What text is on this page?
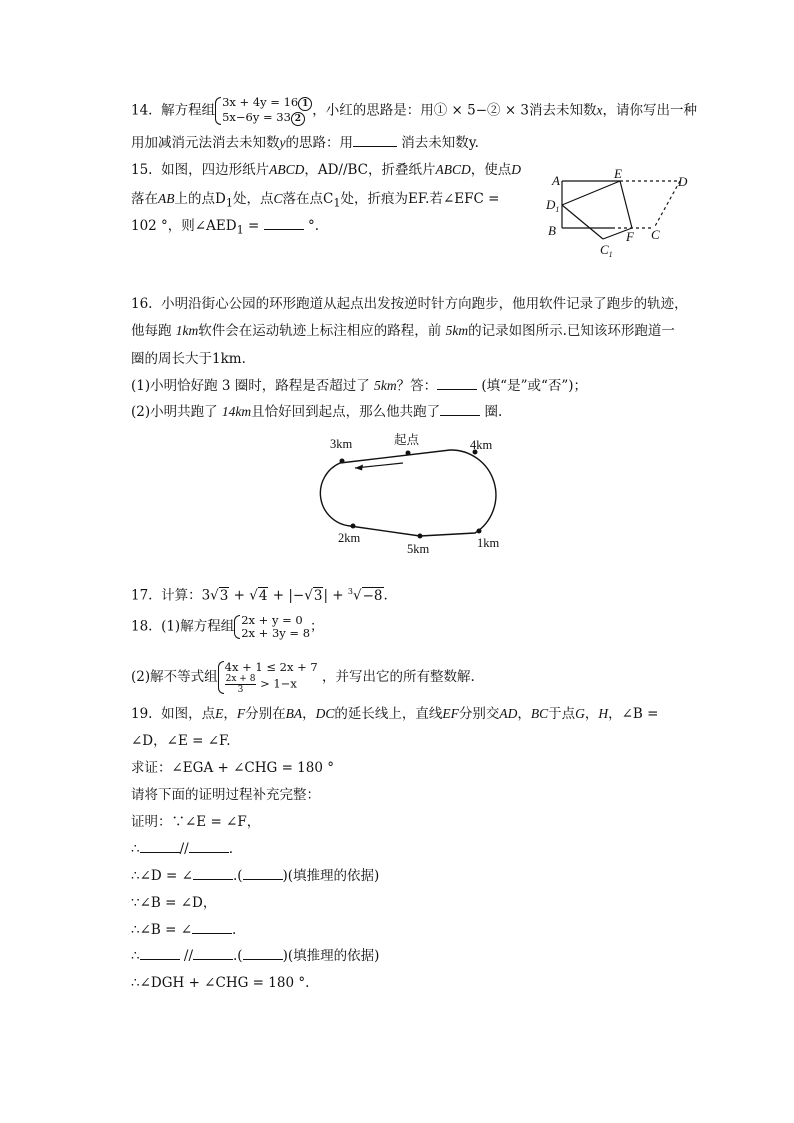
14. 解方程组
3x + 4y = 16 1
5x−6y = 33 2
，小红的思路是：用① × 5−② × 3消去未知数x，请你写出一种
用加减消元法消去未知数y的思路：用	消去未知数y.
15. 如图，四边形纸片ABCD，AD//BC，折叠纸片ABCD，使点D
落在AB上的点$D_1$处，点C落在点$C_1$处，折痕为EF.若∠EFC =
102 °，则$\angle AED_1$ =	°.
A	E
D
$D_1$
B	F C
$C_1$
16. 小明沿街心公园的环形跑道从起点出发按逆时针方向跑步，他用软件记录了跑步的轨迹，
他每跑 1km软件会在运动轨迹上标注相应的路程，前 5km的记录如图所示.已知该环形跑道一
圈的周长大于1km.
(1)小明恰好跑 3 圈时，路程是否超过了 5km？答：	(填“是”或“否”)；
(2)小明共跑了 14km且恰好回到起点，那么他共跑了	圈.
3km	起点	4km
1km
5km
2km
17. 计算：3√3 + √4 + |−√3| + $^3$√−8.
18. (1)解方程组 2x + y = 0
2x + 3y = 8 ；
(2)解不等式组
4x + 1 ≤ 2x + 7
$\frac{2x + 8}{3} > 1-x$	，并写出它的所有整数解.
19. 如图，点E，F分别在BA，DC的延长线上，直线EF分别交AD，BC于点G，H，∠B =
∠D，∠E = ∠F.
求证：∠EGA + ∠CHG = 180 °
请将下面的证明过程补充完整：
证明：∵∠E = ∠F，
∴	//	.
∴∠D = ∠	.(	)(填推理的依据)
∵∠B = ∠D，
∴∠B = ∠	.
∴	//	.(	)(填推理的依据)
∴∠DGH + ∠CHG = 180 °.
